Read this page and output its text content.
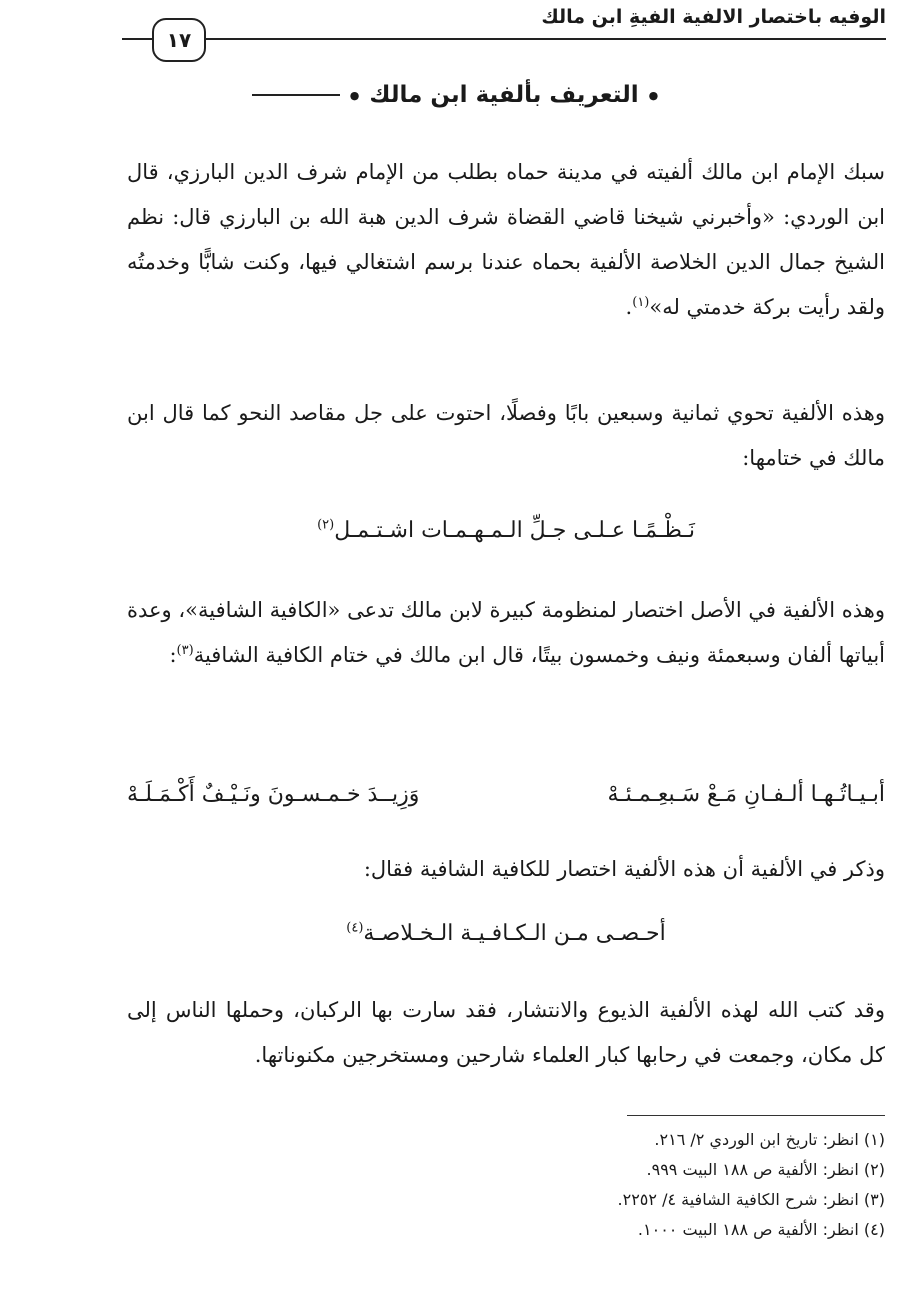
الوفيه باختصار الالفية الفيةِ ابن مالك
١٧
●
التعريف بألفية ابن مالك
●

سبك الإمام ابن مالك ألفيته في مدينة حماه بطلب من الإمام شرف الدين البارزي، قال ابن الوردي: «وأخبرني شيخنا قاضي القضاة شرف الدين هبة الله بن البارزي قال: نظم الشيخ جمال الدين الخلاصة الألفية بحماه عندنا برسم اشتغالي فيها، وكنت شابًّا وخدمتُه ولقد رأيت بركة خدمتي له»$^{(١)}$.

وهذه الألفية تحوي ثمانية وسبعين بابًا وفصلًا، احتوت على جل مقاصد النحو كما قال ابن مالك في ختامها:

نَـظْـمًـا عـلـى جـلِّ الـمـهـمـات اشـتـمـل$^{(٢)}$

وهذه الألفية في الأصل اختصار لمنظومة كبيرة لابن مالك تدعى «الكافية الشافية»، وعدة أبياتها ألفان وسبعمئة ونيف وخمسون بيتًا، قال ابن مالك في ختام الكافية الشافية$^{(٣)}$:

أبـيـاتُـهـا ألـفـانِ مَـعْ سَـبعِـمـئـهْ
وَزِيــدَ خـمـسـونَ ونَـيْـفٌ أَكْـمَـلَـهْ

وذكر في الألفية أن هذه الألفية اختصار للكافية الشافية فقال:

أحـصـى مـن الـكـافـيـة الـخـلاصـة$^{(٤)}$

وقد كتب الله لهذه الألفية الذيوع والانتشار، فقد سارت بها الركبان، وحملها الناس إلى كل مكان، وجمعت في رحابها كبار العلماء شارحين ومستخرجين مكنوناتها.

(١) انظر: تاريخ ابن الوردي ٢/ ٢١٦.
(٢) انظر: الألفية ص ١٨٨ البيت ٩٩٩.
(٣) انظر: شرح الكافية الشافية ٤/ ٢٢٥٢.
(٤) انظر: الألفية ص ١٨٨ البيت ١٠٠٠.
